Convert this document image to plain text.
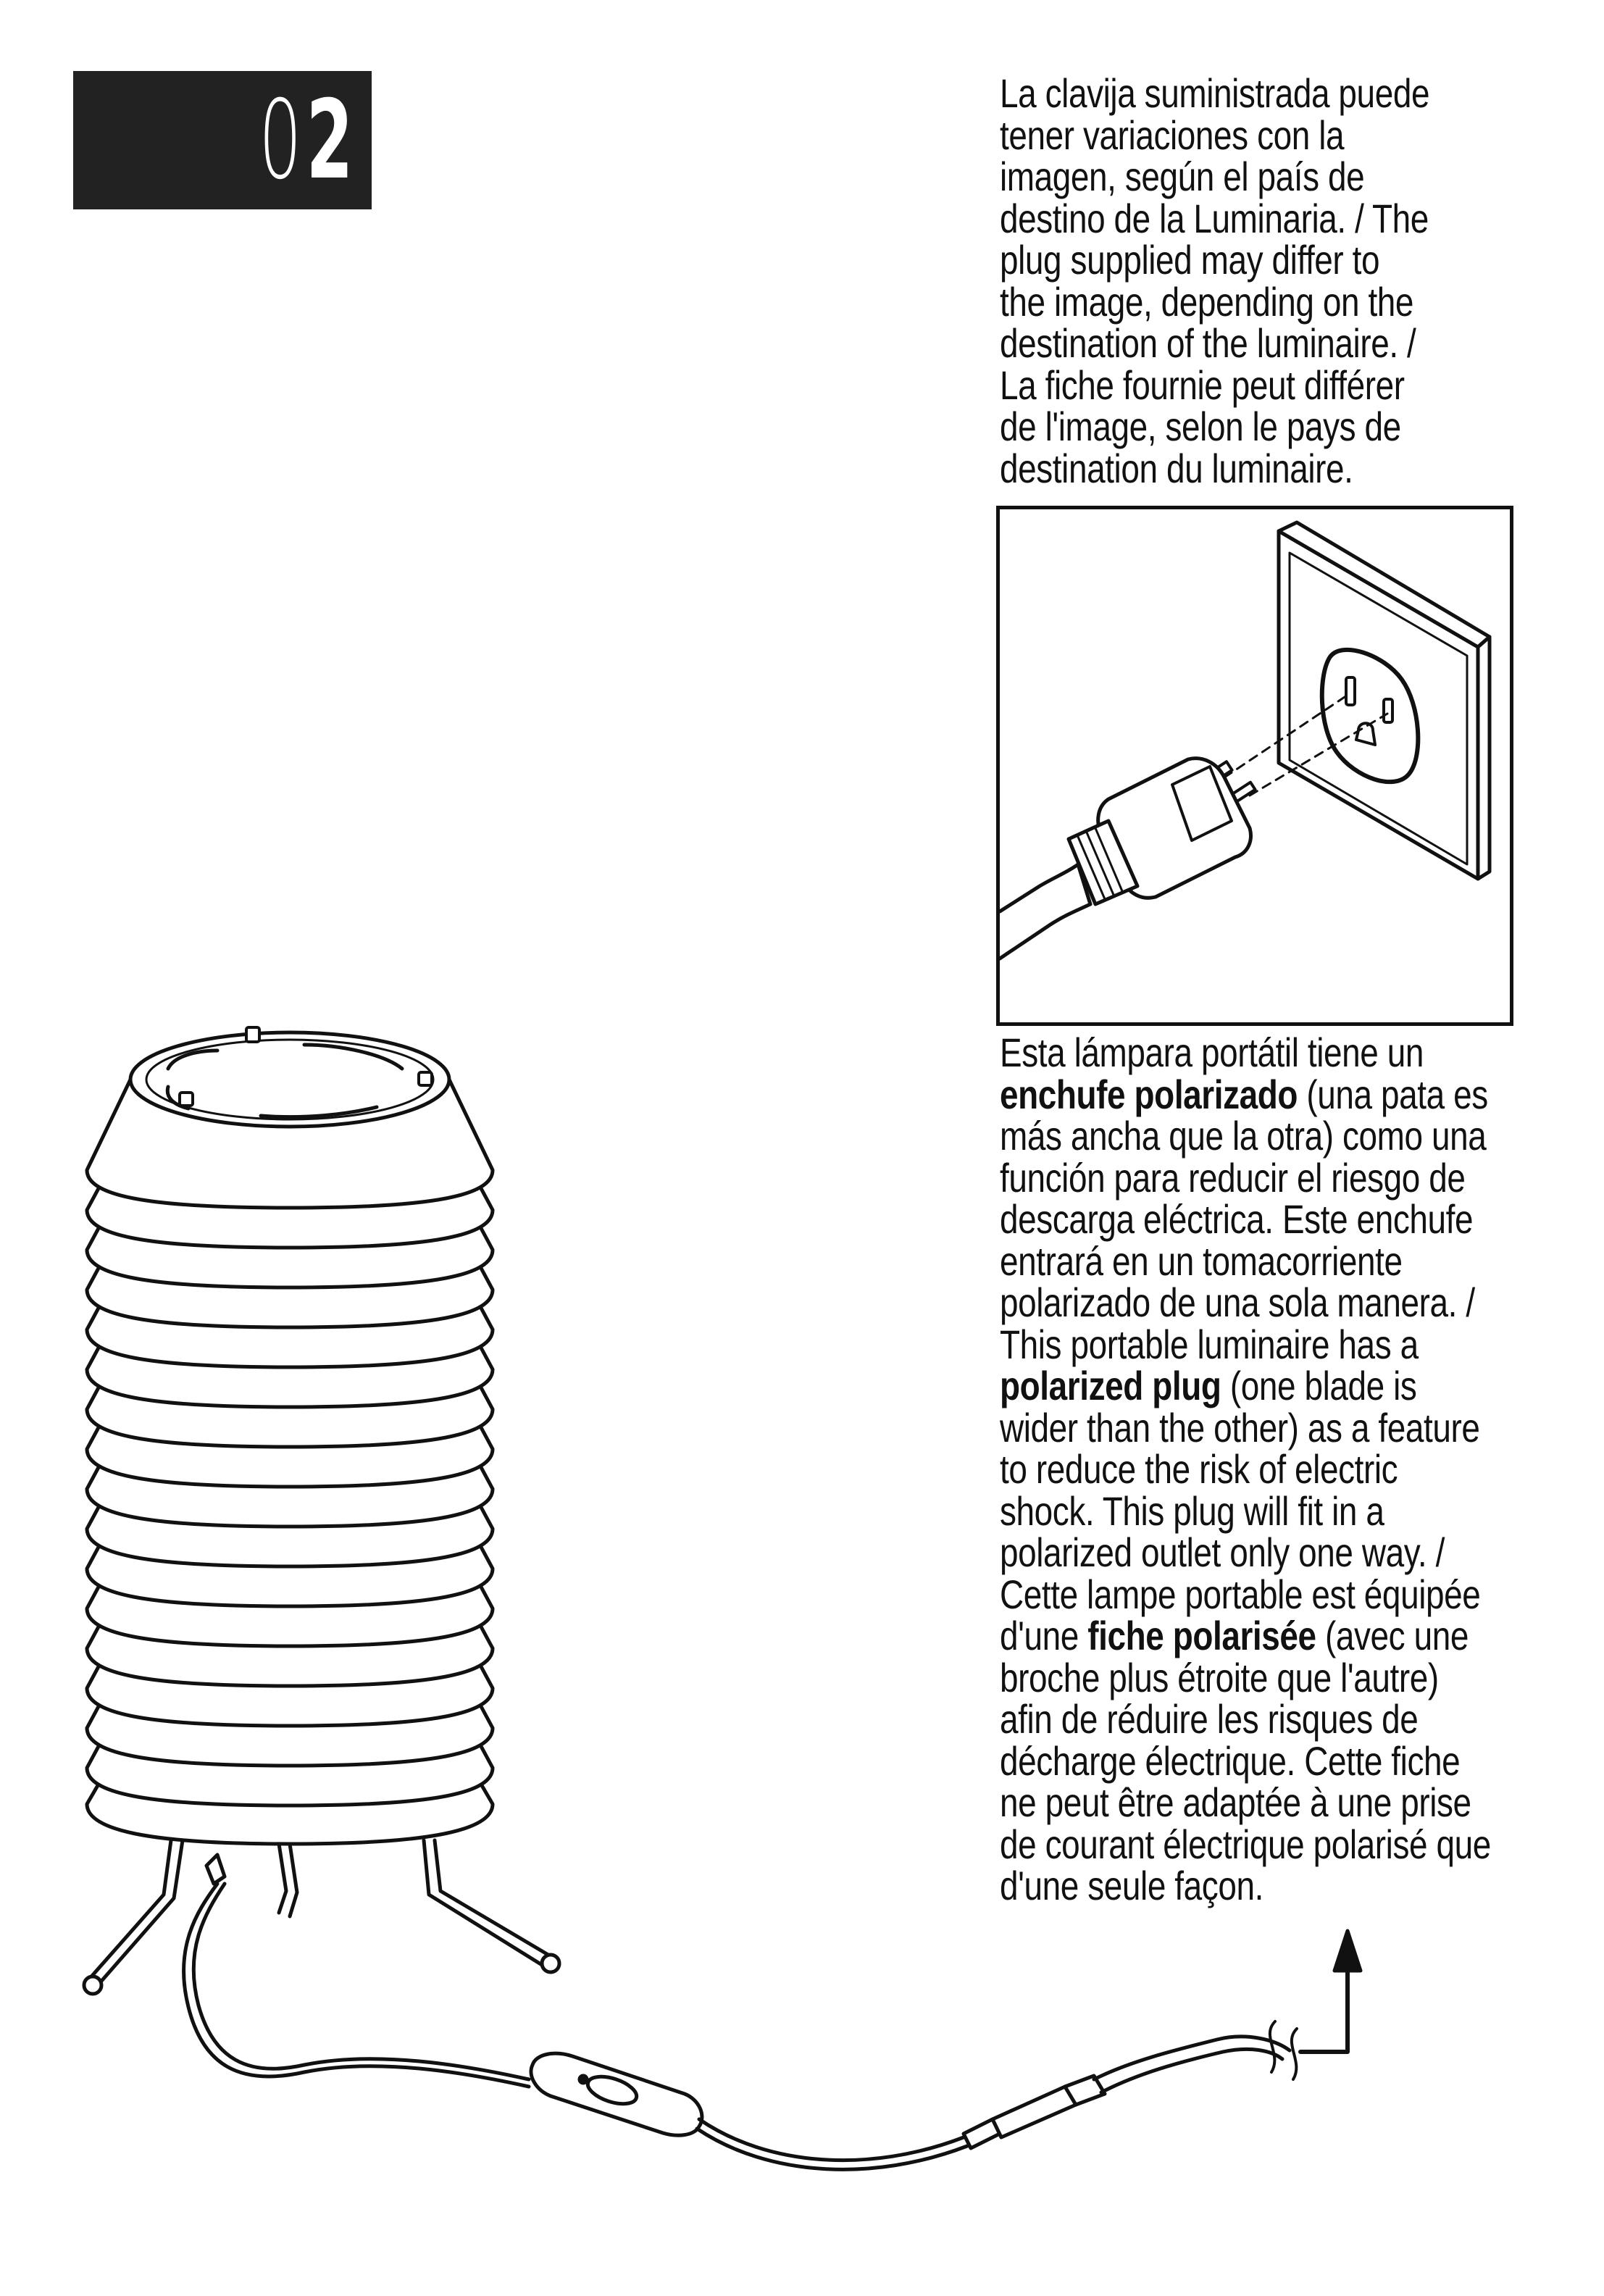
0 2	La clavija suministrada puede

tener variaciones con la

imagen, según el país de

destino de la Luminaria. / The

plug supplied may differ to

the image, depending on the

destination of the luminaire. /

La fiche fournie peut différer

de l'image, selon le pays de

destination du luminaire.

Esta lámpara portátil tiene un

enchufe polarizado (una pata es

más ancha que la otra) como una

función para reducir el riesgo de

descarga eléctrica. Este enchufe

entrará en un tomacorriente

polarizado de una sola manera. /

This portable luminaire has a

polarized plug (one blade is

wider than the other) as a feature

to reduce the risk of electric

shock. This plug will fit in a

polarized outlet only one way. /

Cette lampe portable est équipée

d'une fiche polarisée (avec une

broche plus étroite que l'autre)

afin de réduire les risques de

décharge électrique. Cette fiche

ne peut être adaptée à une prise

de courant électrique polarisé que

d'une seule façon.
